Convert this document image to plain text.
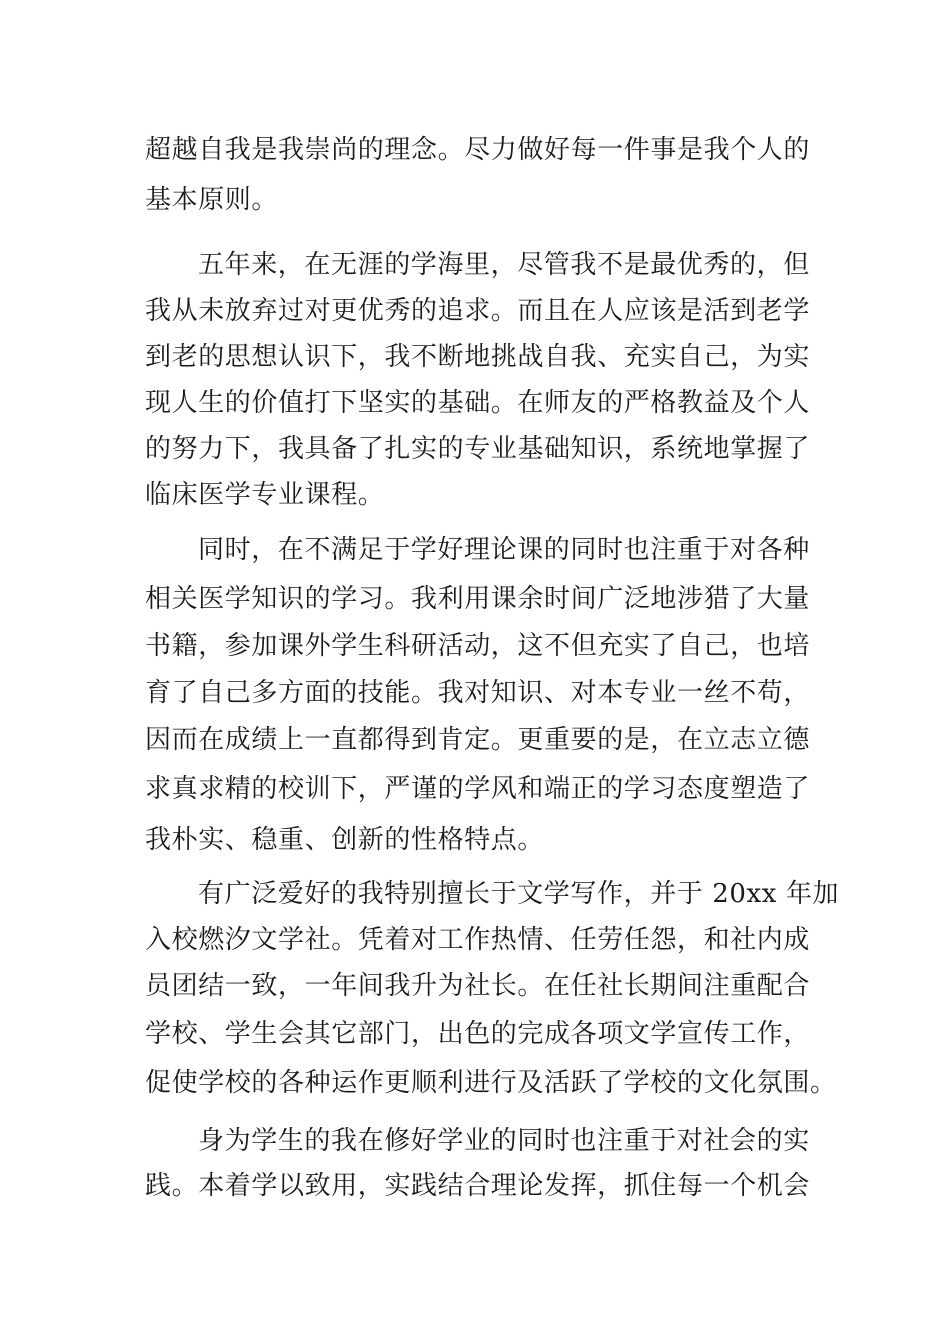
超越自我是我崇尚的理念。尽力做好每一件事是我个人的
基本原则。
五年来，在无涯的学海里，尽管我不是最优秀的，但
我从未放弃过对更优秀的追求。而且在人应该是活到老学
到老的思想认识下，我不断地挑战自我、充实自己，为实
现人生的价值打下坚实的基础。在师友的严格教益及个人
的努力下，我具备了扎实的专业基础知识，系统地掌握了
临床医学专业课程。
同时，在不满足于学好理论课的同时也注重于对各种
相关医学知识的学习。我利用课余时间广泛地涉猎了大量
书籍，参加课外学生科研活动，这不但充实了自己，也培
育了自己多方面的技能。我对知识、对本专业一丝不苟，
因而在成绩上一直都得到肯定。更重要的是，在立志立德
求真求精的校训下，严谨的学风和端正的学习态度塑造了
我朴实、稳重、创新的性格特点。
有广泛爱好的我特别擅长于文学写作，并于 20xx 年加
入校燃汐文学社。凭着对工作热情、任劳任怨，和社内成
员团结一致，一年间我升为社长。在任社长期间注重配合
学校、学生会其它部门，出色的完成各项文学宣传工作，
促使学校的各种运作更顺利进行及活跃了学校的文化氛围。
身为学生的我在修好学业的同时也注重于对社会的实
践。本着学以致用，实践结合理论发挥，抓住每一个机会
